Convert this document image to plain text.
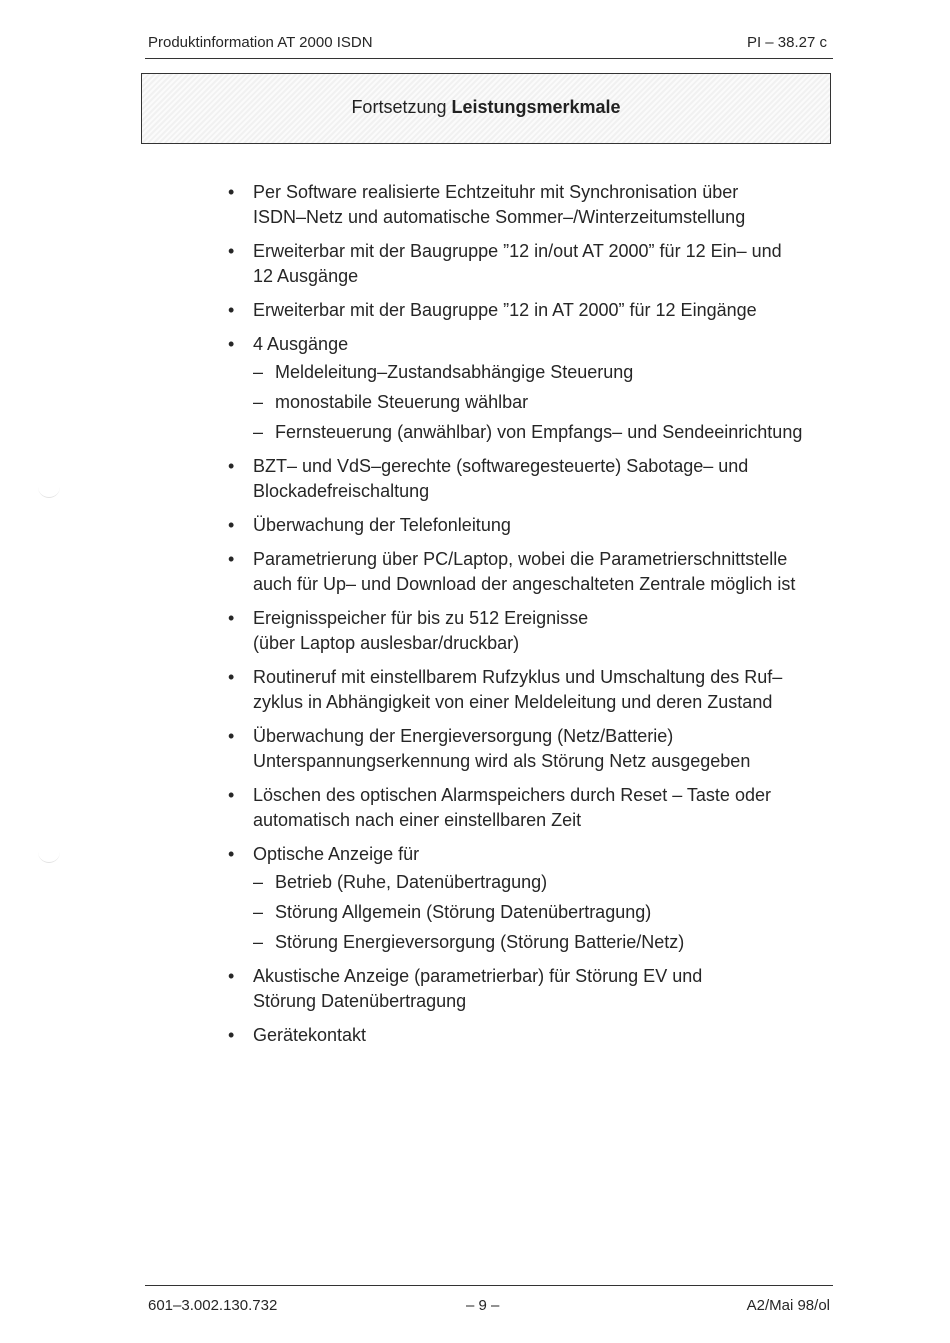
Produktinformation AT 2000 ISDN	PI – 38.27 c
Fortsetzung Leistungsmerkmale
• Per Software realisierte Echtzeituhr mit Synchronisation über
ISDN–Netz und automatische Sommer–/Winterzeitumstellung
• Erweiterbar mit der Baugruppe ”12 in/out AT 2000” für 12 Ein– und
12 Ausgänge
• Erweiterbar mit der Baugruppe ”12 in AT 2000” für 12 Eingänge
• 4 Ausgänge
– Meldeleitung–Zustandsabhängige Steuerung
– monostabile Steuerung wählbar
– Fernsteuerung (anwählbar) von Empfangs– und Sendeeinrichtung
• BZT– und VdS–gerechte (softwaregesteuerte) Sabotage– und
Blockadefreischaltung
• Überwachung der Telefonleitung
• Parametrierung über PC/Laptop, wobei die Parametrierschnittstelle
auch für Up– und Download der angeschalteten Zentrale möglich ist
• Ereignisspeicher für bis zu 512 Ereignisse
(über Laptop auslesbar/druckbar)
• Routineruf mit einstellbarem Rufzyklus und Umschaltung des Ruf–
zyklus in Abhängigkeit von einer Meldeleitung und deren Zustand
• Überwachung der Energieversorgung (Netz/Batterie)
Unterspannungserkennung wird als Störung Netz ausgegeben
• Löschen des optischen Alarmspeichers durch Reset – Taste oder
automatisch nach einer einstellbaren Zeit
• Optische Anzeige für
– Betrieb (Ruhe, Datenübertragung)
– Störung Allgemein (Störung Datenübertragung)
– Störung Energieversorgung (Störung Batterie/Netz)
• Akustische Anzeige (parametrierbar) für Störung EV und
Störung Datenübertragung
• Gerätekontakt
601–3.002.130.732	– 9 –	A2/Mai 98/ol
